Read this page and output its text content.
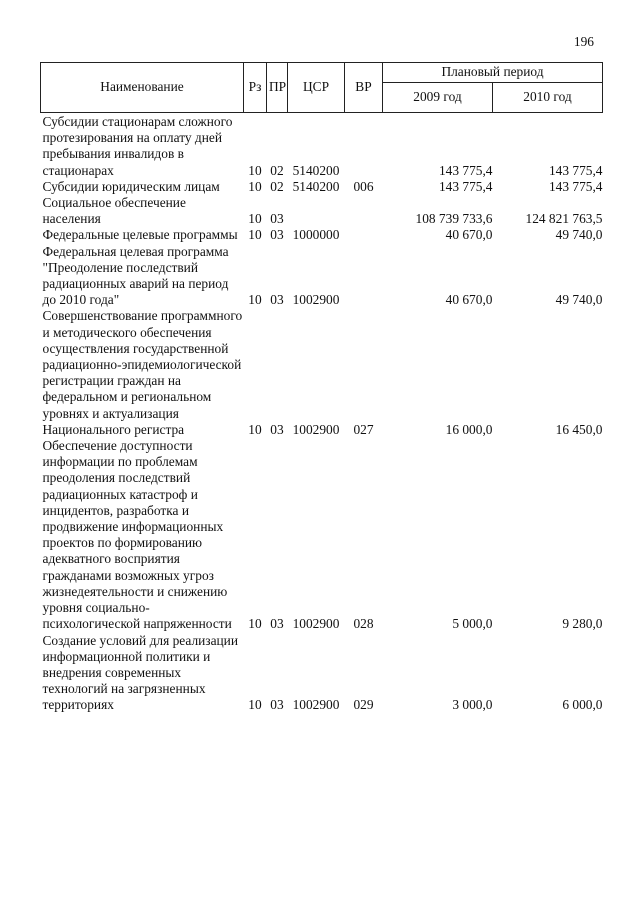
196
Наименование	Рз	ПР	ЦСР	ВР	Плановый период	
					2009 год	2010 год
Субсидии стационарам сложного протезирования на оплату дней пребывания инвалидов в стационарах	10	02	5140200		143 775,4	143 775,4
Субсидии юридическим лицам	10	02	5140200	006	143 775,4	143 775,4
Социальное обеспечение населения	10	03			108 739 733,6	124 821 763,5
Федеральные целевые программы	10	03	1000000		40 670,0	49 740,0
Федеральная целевая программа "Преодоление последствий радиационных аварий на период до 2010 года"	10	03	1002900		40 670,0	49 740,0
Совершенствование программного и методического обеспечения осуществления государственной радиационно-эпидемиологической регистрации граждан на федеральном и региональном уровнях и актуализация Национального регистра	10	03	1002900	027	16 000,0	16 450,0
Обеспечение доступности информации по проблемам преодоления последствий радиационных катастроф и инцидентов, разработка и продвижение информационных проектов по формированию адекватного восприятия гражданами возможных угроз жизнедеятельности и снижению уровня социально-психологической напряженности	10	03	1002900	028	5 000,0	9 280,0
Создание условий для реализации информационной политики и внедрения современных технологий на загрязненных территориях	10	03	1002900	029	3 000,0	6 000,0
